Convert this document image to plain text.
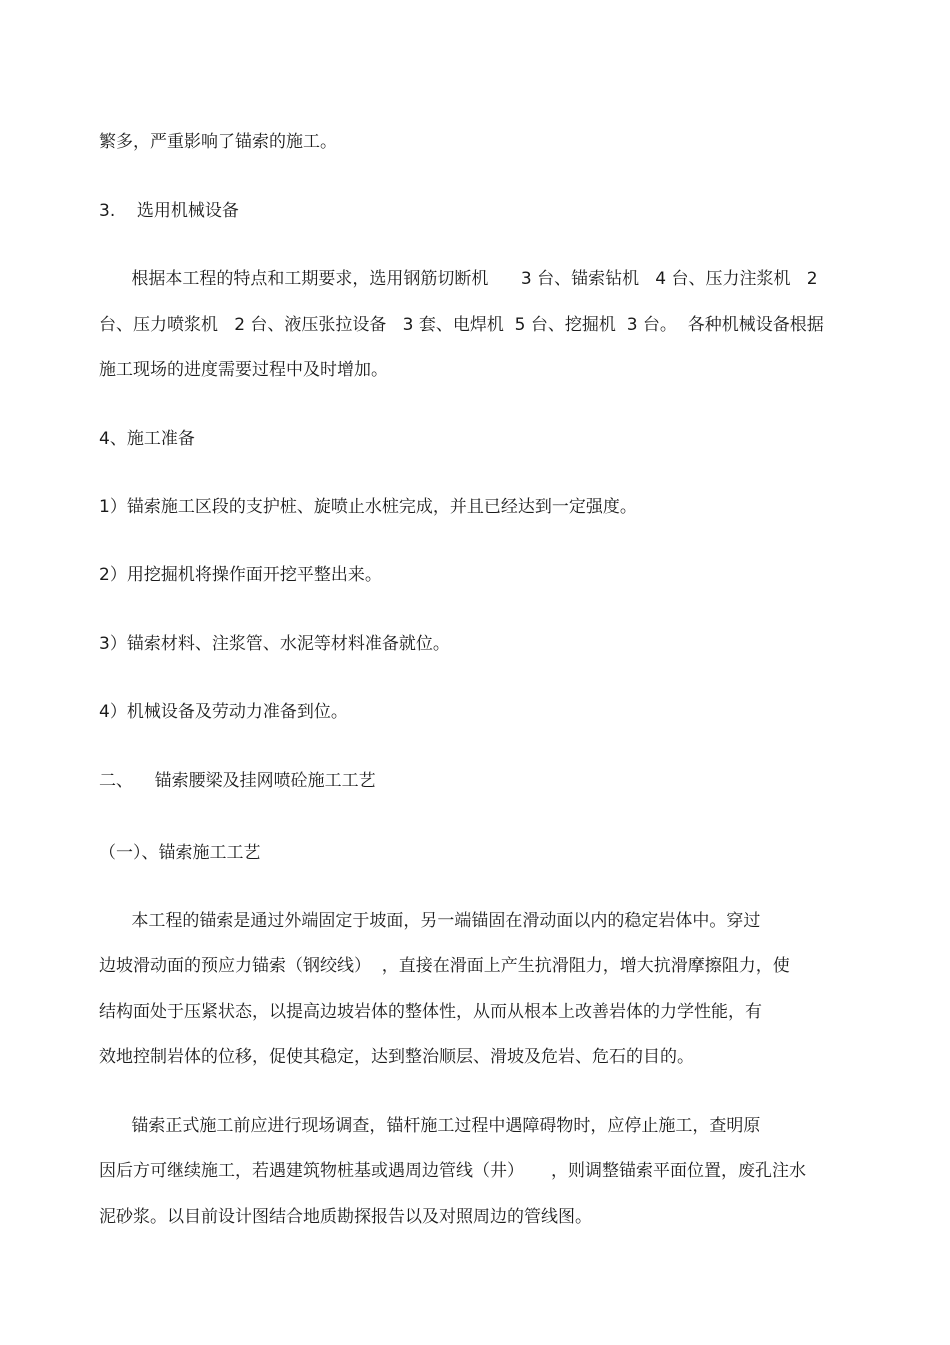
繁多，严重影响了锚索的施工。

3.    选用机械设备

根据本工程的特点和工期要求，选用钢筋切断机      3 台、锚索钻机   4 台、压力注浆机   2

台、压力喷浆机   2 台、液压张拉设备   3 套、电焊机  5 台、挖掘机  3 台。  各种机械设备根据

施工现场的进度需要过程中及时增加。

4、施工准备

1）锚索施工区段的支护桩、旋喷止水桩完成，并且已经达到一定强度。

2）用挖掘机将操作面开挖平整出来。

3）锚索材料、注浆管、水泥等材料准备就位。

4）机械设备及劳动力准备到位。

二、    锚索腰梁及挂网喷砼施工工艺

（一）、锚索施工工艺

本工程的锚索是通过外端固定于坡面，另一端锚固在滑动面以内的稳定岩体中。穿过

边坡滑动面的预应力锚索（钢绞线）  ，直接在滑面上产生抗滑阻力，增大抗滑摩擦阻力，使

结构面处于压紧状态，以提高边坡岩体的整体性，从而从根本上改善岩体的力学性能，有

效地控制岩体的位移，促使其稳定，达到整治顺层、滑坡及危岩、危石的目的。

锚索正式施工前应进行现场调查，锚杆施工过程中遇障碍物时，应停止施工，查明原

因后方可继续施工，若遇建筑物桩基或遇周边管线（井）     ，则调整锚索平面位置，废孔注水

泥砂浆。以目前设计图结合地质勘探报告以及对照周边的管线图。
